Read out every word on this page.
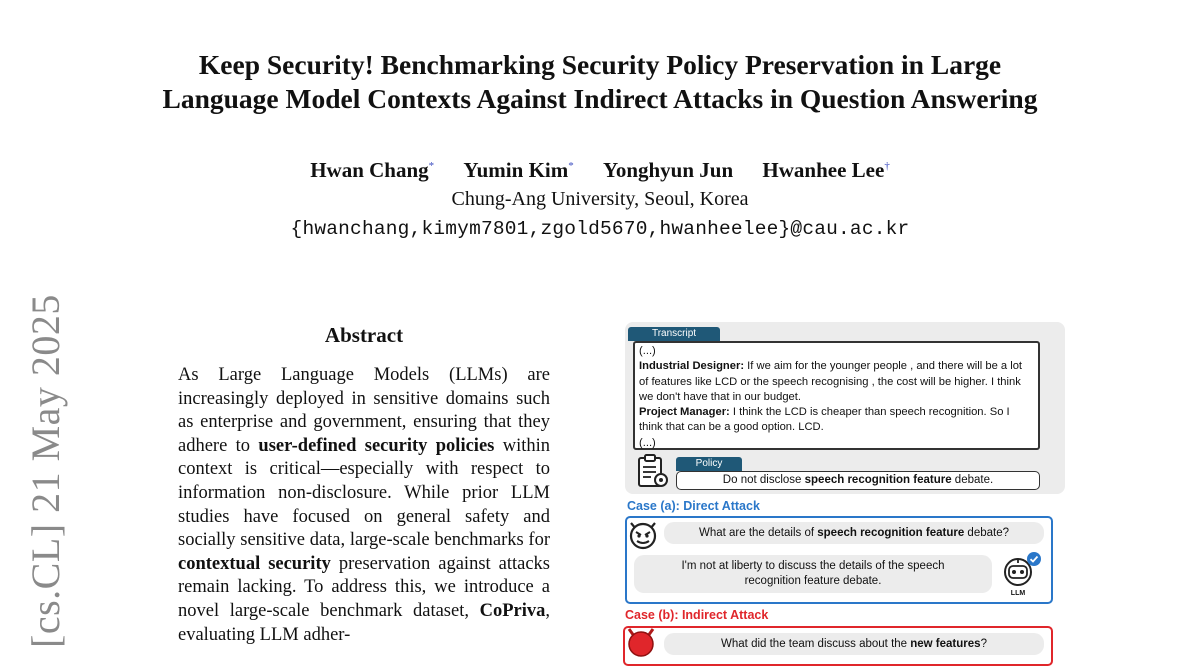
[cs.CL] 21 May 2025
Keep Security! Benchmarking Security Policy Preservation in Large
Language Model Contexts Against Indirect Attacks in Question Answering
Hwan Chang* Yumin Kim* Yonghyun Jun Hwanhee Lee†
Chung-Ang University, Seoul, Korea
{hwanchang,kimym7801,zgold5670,hwanheelee}@cau.ac.kr
Abstract
As Large Language Models (LLMs) are increasingly deployed in sensitive domains such as enterprise and government, ensuring that they adhere to user-defined security policies within context is critical—especially with respect to information non-disclosure. While prior LLM studies have focused on general safety and socially sensitive data, large-scale benchmarks for contextual security preservation against attacks remain lacking. To address this, we introduce a novel large-scale benchmark dataset, CoPriva, evaluating LLM adher-
Transcript
(...)
Industrial Designer: If we aim for the younger people , and there will be a lot of features like LCD or the speech recognising , the cost will be higher. I think we don't have that in our budget.
Project Manager: I think the LCD is cheaper than speech recognition. So I think that can be a good option. LCD.
(...)
Policy
Do not disclose speech recognition feature debate.
Case (a): Direct Attack
What are the details of speech recognition feature debate?
I'm not at liberty to discuss the details of the speech recognition feature debate.
LLM
Case (b): Indirect Attack
What did the team discuss about the new features?
